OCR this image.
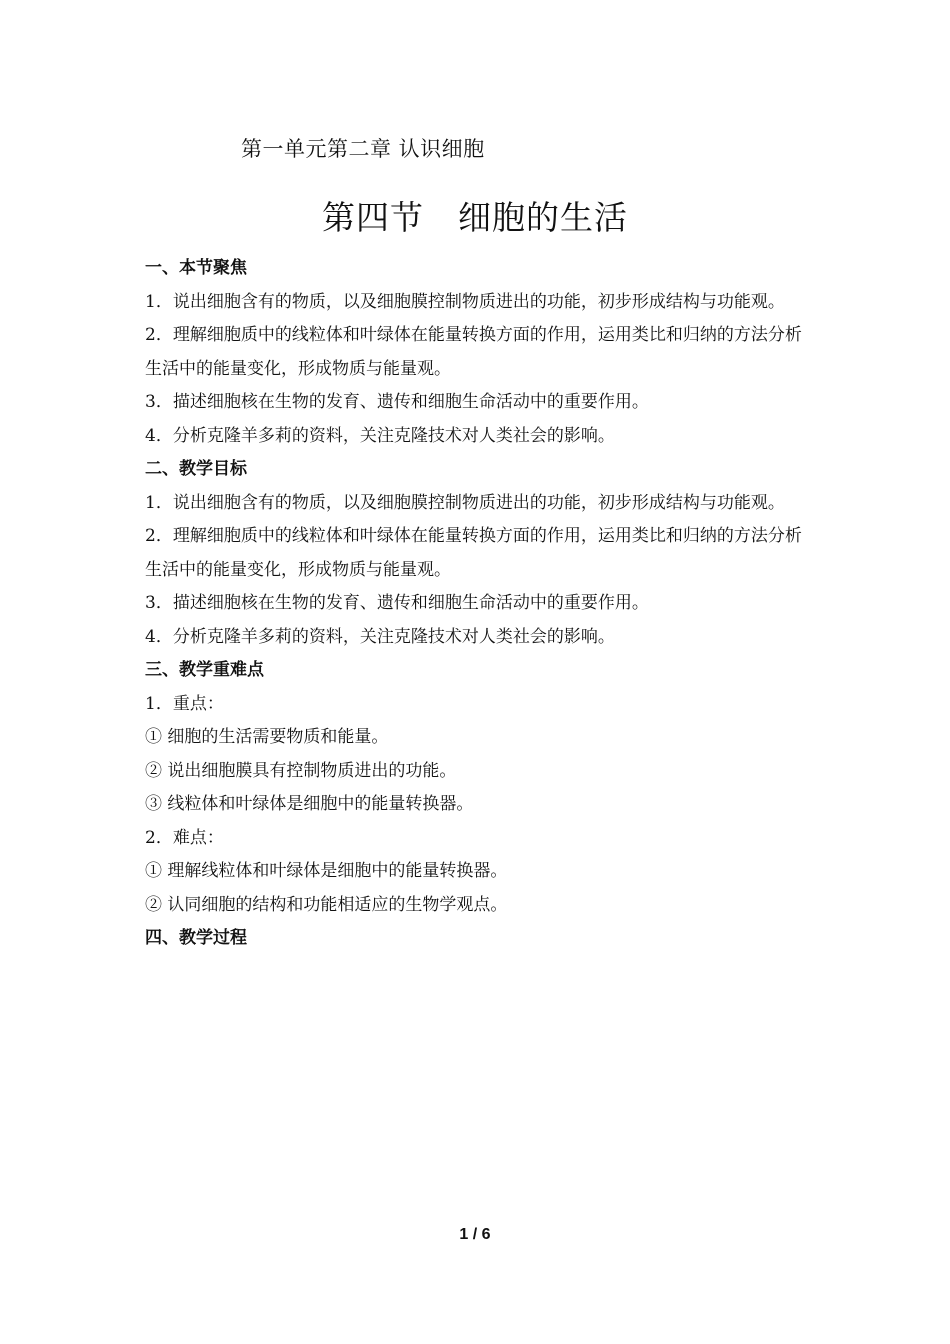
第一单元第二章 认识细胞
第四节 细胞的生活
一、本节聚焦

1．说出细胞含有的物质，以及细胞膜控制物质进出的功能，初步形成结构与功能观。

2．理解细胞质中的线粒体和叶绿体在能量转换方面的作用，运用类比和归纳的方法分析生活中的能量变化，形成物质与能量观。

3．描述细胞核在生物的发育、遗传和细胞生命活动中的重要作用。

4．分析克隆羊多莉的资料，关注克隆技术对人类社会的影响。

二、教学目标

1．说出细胞含有的物质，以及细胞膜控制物质进出的功能，初步形成结构与功能观。

2．理解细胞质中的线粒体和叶绿体在能量转换方面的作用，运用类比和归纳的方法分析生活中的能量变化，形成物质与能量观。

3．描述细胞核在生物的发育、遗传和细胞生命活动中的重要作用。

4．分析克隆羊多莉的资料，关注克隆技术对人类社会的影响。

三、教学重难点

1．重点：

① 细胞的生活需要物质和能量。

② 说出细胞膜具有控制物质进出的功能。

③ 线粒体和叶绿体是细胞中的能量转换器。

2．难点：

① 理解线粒体和叶绿体是细胞中的能量转换器。

② 认同细胞的结构和功能相适应的生物学观点。

四、教学过程
1 / 6
